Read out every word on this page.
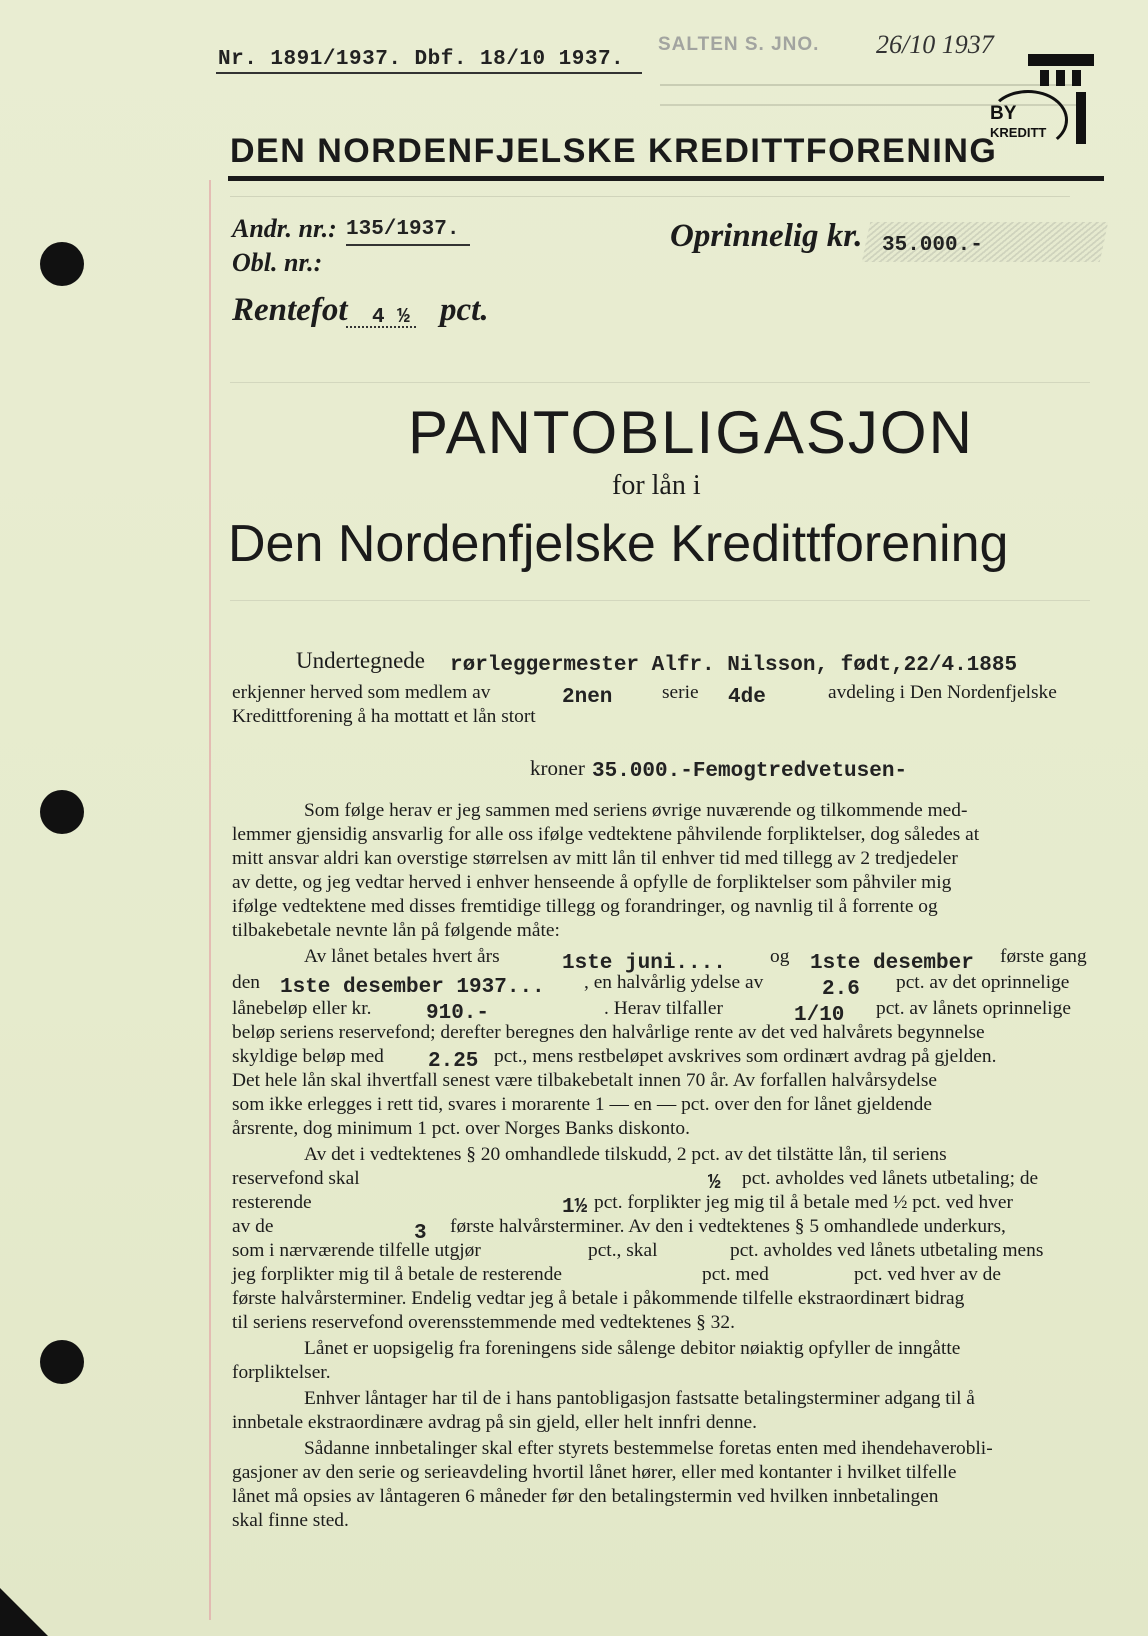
Nr. 1891/1937. Dbf. 18/10 1937.
SALTEN S. JNO. 26/10 1937
BY
KREDITT
DEN NORDENFJELSKE KREDITTFORENING
Andr. nr.: 135/1937.
Obl. nr.:
Oprinnelig kr. 35.000.-
Rentefot 4 ½ pct.
PANTOBLIGASJON
for lån i
Den Nordenfjelske Kredittforening
Undertegnede rørleggermester Alfr. Nilsson, født,22/4.1885
erkjenner herved som medlem av	2nen	serie 4de	avdeling i Den Nordenfjelske
Kredittforening å ha mottatt et lån stort
kroner 35.000.-Femogtredvetusen-
Som følge herav er jeg sammen med seriens øvrige nuværende og tilkommende med-
lemmer gjensidig ansvarlig for alle oss ifølge vedtektene påhvilende forpliktelser, dog således at
mitt ansvar aldri kan overstige størrelsen av mitt lån til enhver tid med tillegg av 2 tredjedeler
av dette, og jeg vedtar herved i enhver henseende å opfylle de forpliktelser som påhviler mig
ifølge vedtektene med disses fremtidige tillegg og forandringer, og navnlig til å forrente og
tilbakebetale nevnte lån på følgende måte:
Av lånet betales hvert års	1ste juni.... og 1ste desember første gang
den 1ste desember 1937... , en halvårlig ydelse av	2.6 pct. av det oprinnelige
lånebeløp eller kr.	910.-	. Herav tilfaller	1/10 pct. av lånets oprinnelige
beløp seriens reservefond; derefter beregnes den halvårlige rente av det ved halvårets begynnelse
skyldige beløp med 2.25 pct., mens restbeløpet avskrives som ordinært avdrag på gjelden.
Det hele lån skal ihvertfall senest være tilbakebetalt innen 70 år. Av forfallen halvårsydelse
som ikke erlegges i rett tid, svares i morarente 1 — en — pct. over den for lånet gjeldende
årsrente, dog minimum 1 pct. over Norges Banks diskonto.
Av det i vedtektenes § 20 omhandlede tilskudd, 2 pct. av det tilstätte lån, til seriens
reservefond skal	½ pct. avholdes ved lånets utbetaling; de
resterende	1½ pct. forplikter jeg mig til å betale med ½ pct. ved hver
av de	3 første halvårsterminer. Av den i vedtektenes § 5 omhandlede underkurs,
som i nærværende tilfelle utgjør	pct., skal	pct. avholdes ved lånets utbetaling mens
jeg forplikter mig til å betale de resterende	pct. med	pct. ved hver av de
første halvårsterminer. Endelig vedtar jeg å betale i påkommende tilfelle ekstraordinært bidrag
til seriens reservefond overensstemmende med vedtektenes § 32.
Lånet er uopsigelig fra foreningens side sålenge debitor nøiaktig opfyller de inngåtte
forpliktelser.
Enhver låntager har til de i hans pantobligasjon fastsatte betalingsterminer adgang til å
innbetale ekstraordinære avdrag på sin gjeld, eller helt innfri denne.
Sådanne innbetalinger skal efter styrets bestemmelse foretas enten med ihendehaverobli-
gasjoner av den serie og serieavdeling hvortil lånet hører, eller med kontanter i hvilket tilfelle
lånet må opsies av låntageren 6 måneder før den betalingstermin ved hvilken innbetalingen
skal finne sted.
